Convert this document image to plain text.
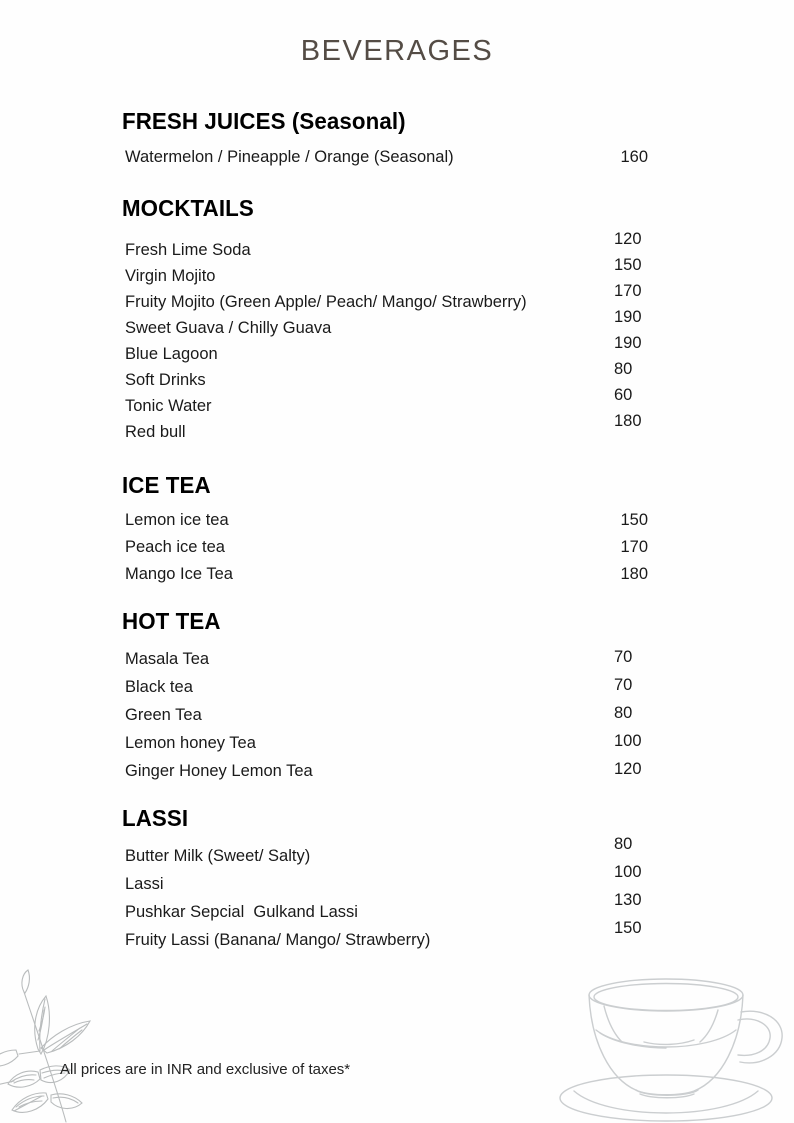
beverages
FRESH JUICES (Seasonal)
Watermelon / Pineapple / Orange (Seasonal)	160
MOCKTAILS
Fresh Lime Soda
120
Virgin Mojito
150
Fruity Mojito (Green Apple/ Peach/ Mango/ Strawberry)
170
Sweet Guava / Chilly Guava
190
Blue Lagoon
190
Soft Drinks
80
Tonic Water
60
Red bull
180
ICE TEA
Lemon ice tea	150
Peach ice tea	170
Mango Ice Tea	180
HOT TEA
Masala Tea	70
Black tea	70
Green Tea	80
Lemon honey Tea	100
Ginger Honey Lemon Tea	120
LASSI
Butter Milk (Sweet/ Salty)
80
Lassi
100
Pushkar Sepcial  Gulkand Lassi
130
Fruity Lassi (Banana/ Mango/ Strawberry)
150
All prices are in INR and exclusive of taxes*
